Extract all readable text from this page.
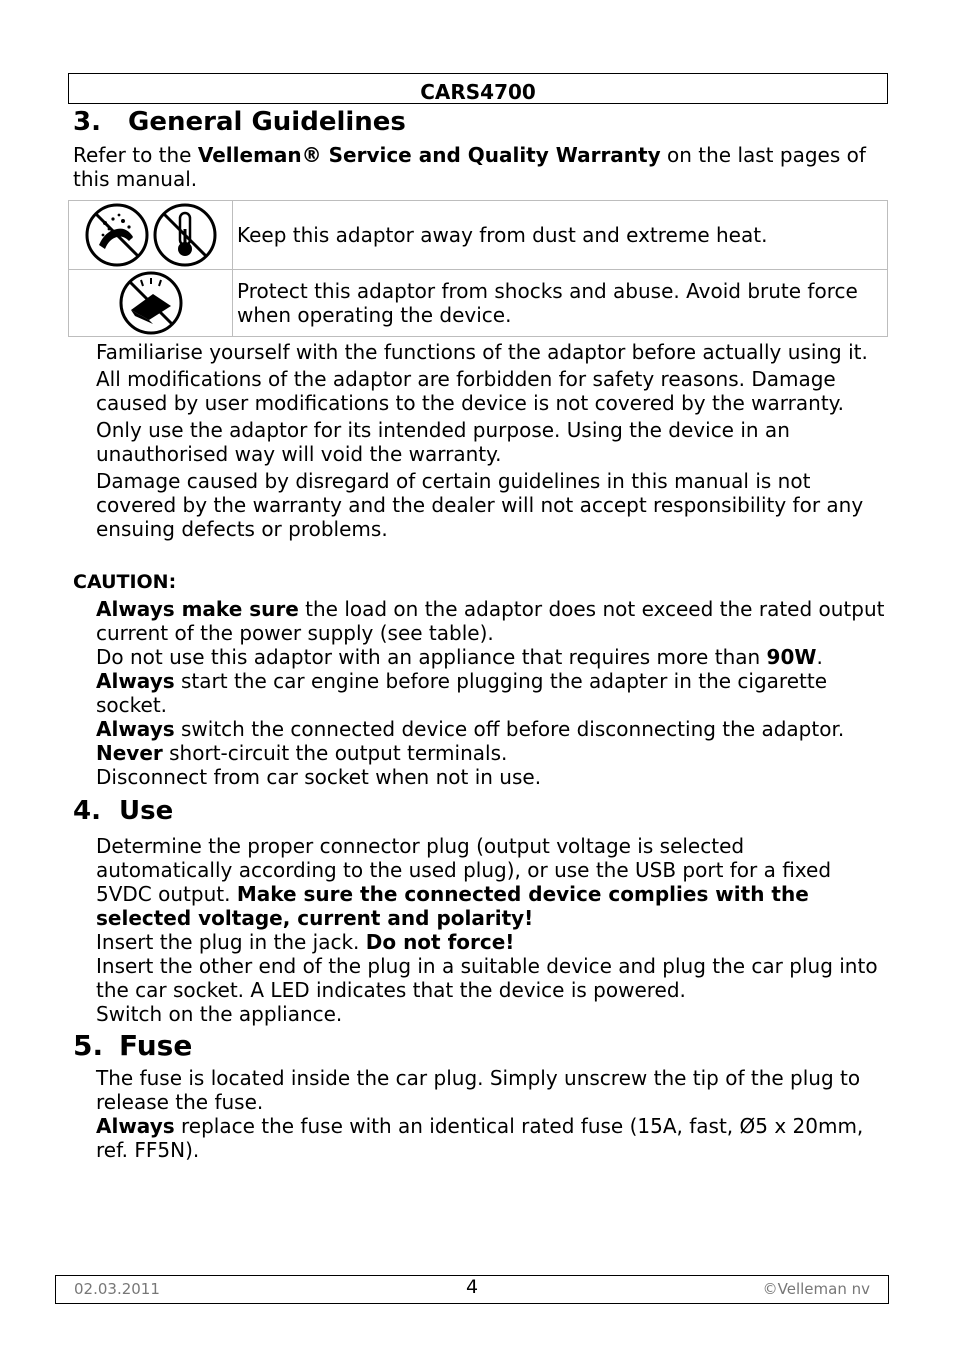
CARS4700
3. General Guidelines

Refer to the Velleman® Service and Quality Warranty on the last pages of this manual.

	Keep this adaptor away from dust and extreme heat.
	Protect this adaptor from shocks and abuse. Avoid brute force when operating the device.

Familiarise yourself with the functions of the adaptor before actually using it.

All modifications of the adaptor are forbidden for safety reasons. Damage caused by user modifications to the device is not covered by the warranty.

Only use the adaptor for its intended purpose. Using the device in an unauthorised way will void the warranty.

Damage caused by disregard of certain guidelines in this manual is not covered by the warranty and the dealer will not accept responsibility for any ensuing defects or problems.

CAUTION:

Always make sure the load on the adaptor does not exceed the rated output current of the power supply (see table).

Do not use this adaptor with an appliance that requires more than 90W.

Always start the car engine before plugging the adapter in the cigarette socket.

Always switch the connected device off before disconnecting the adaptor.

Never short-circuit the output terminals.

Disconnect from car socket when not in use.

4. Use

Determine the proper connector plug (output voltage is selected automatically according to the used plug), or use the USB port for a fixed 5VDC output. Make sure the connected device complies with the selected voltage, current and polarity!

Insert the plug in the jack. Do not force!

Insert the other end of the plug in a suitable device and plug the car plug into the car socket. A LED indicates that the device is powered.

Switch on the appliance.

5. Fuse

The fuse is located inside the car plug. Simply unscrew the tip of the plug to release the fuse.

Always replace the fuse with an identical rated fuse (15A, fast, Ø5 x 20mm, ref. FF5N).

02.03.2011	4	©Velleman nv
